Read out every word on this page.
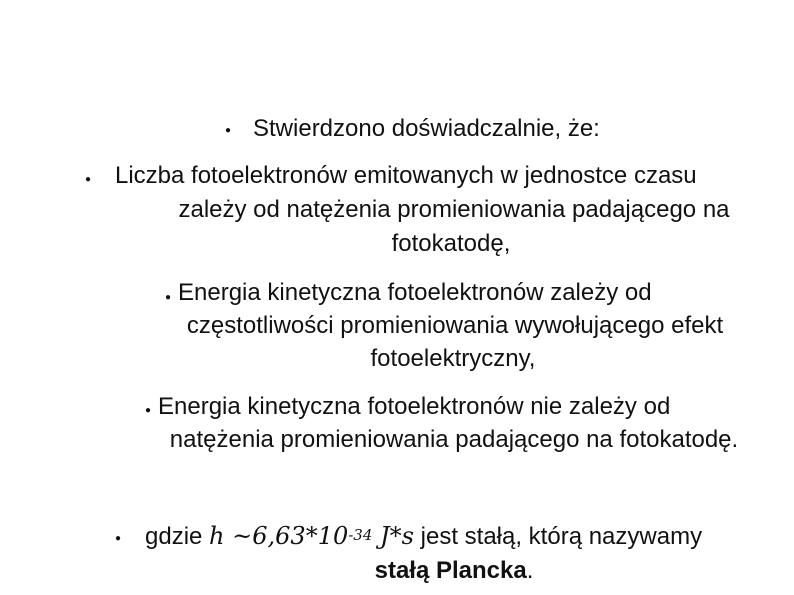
● Stwierdzono doświadczalnie, że:
● Liczba fotoelektronów emitowanych w jednostce czasu
zależy od natężenia promieniowania padającego na
fotokatodę,
● Energia kinetyczna fotoelektronów zależy od
częstotliwości promieniowania wywołującego efekt
fotoelektryczny,
● Energia kinetyczna fotoelektronów nie zależy od
natężenia promieniowania padającego na fotokatodę.
● gdzie h $\sim 6,63*10^{-34}$ J*s jest stałą, którą nazywamy
stałą Plancka.
